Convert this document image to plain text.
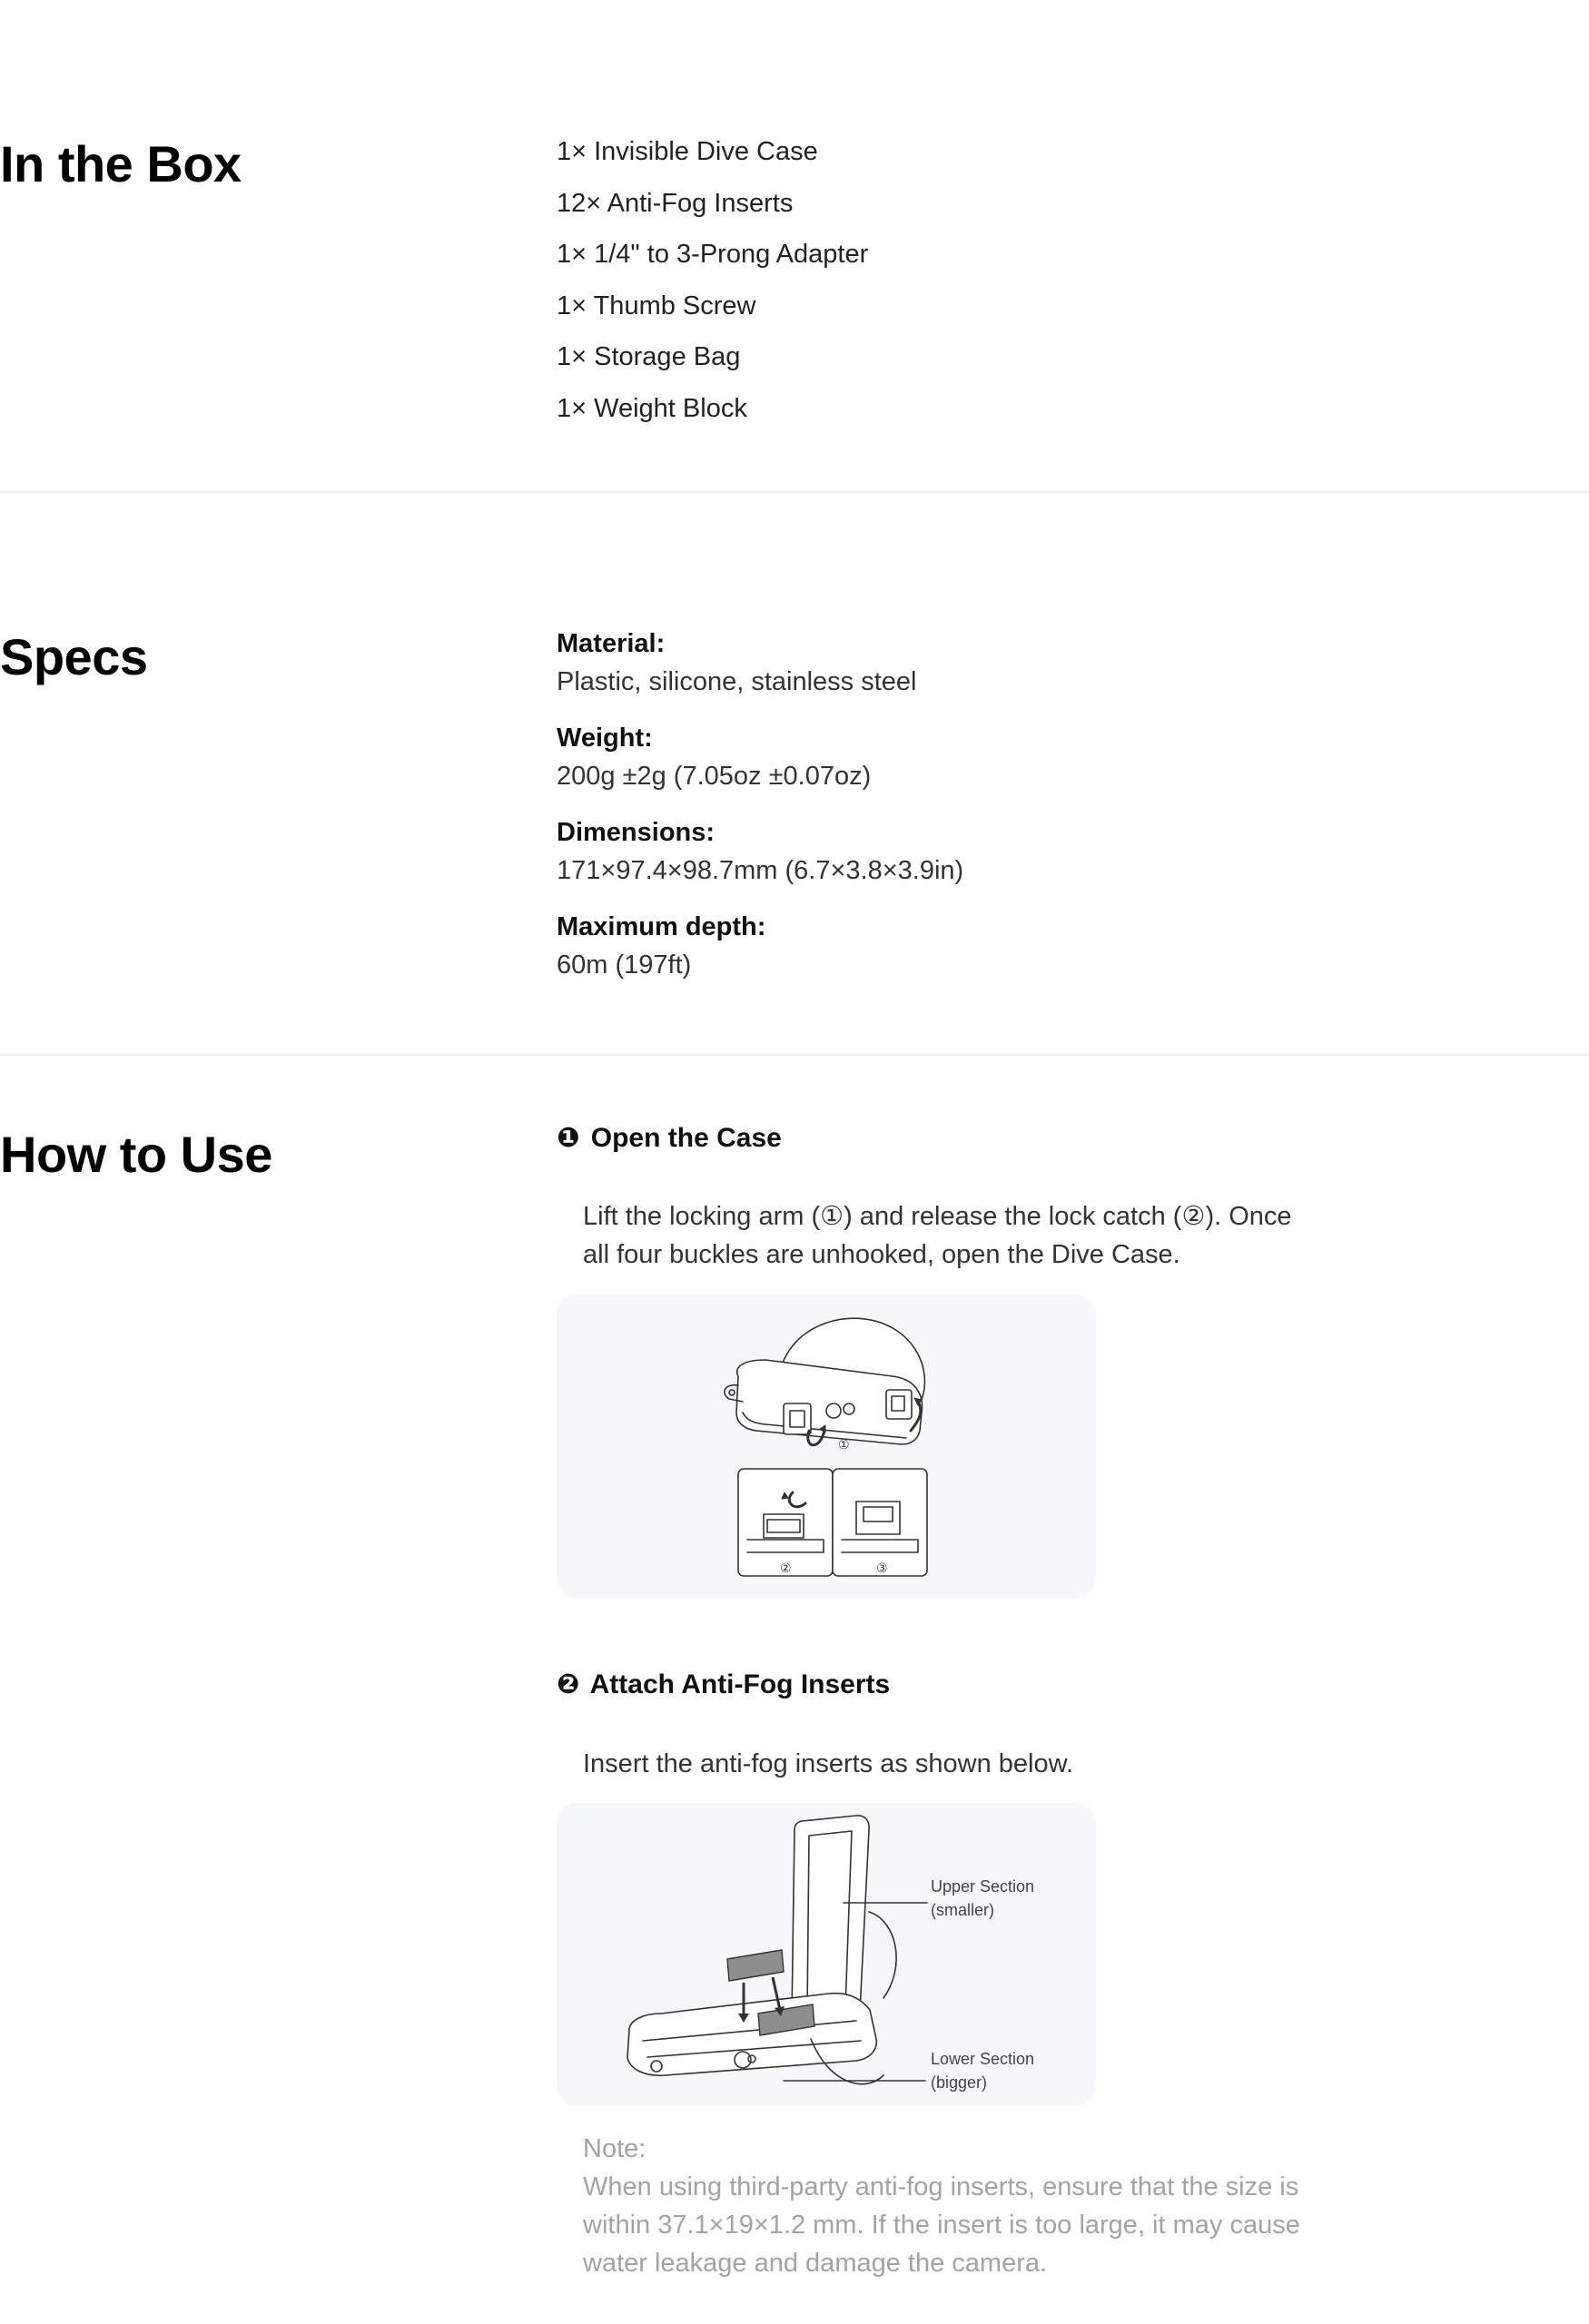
In the Box	1× Invisible Dive Case
12× Anti-Fog Inserts
1× 1/4" to 3-Prong Adapter
1× Thumb Screw
1× Storage Bag
1× Weight Block
Specs	Material:
Plastic, silicone, stainless steel
Weight:
200g ±2g (7.05oz ±0.07oz)
Dimensions:
171×97.4×98.7mm (6.7×3.8×3.9in)
Maximum depth:
60m (197ft)
How to Use	❶ Open the Case
Lift the locking arm (①) and release the lock catch (②). Once all four buckles are unhooked, open the Dive Case.
①
②	③
❷ Attach Anti-Fog Inserts
Insert the anti-fog inserts as shown below.
Upper Section
(smaller)
Lower Section
(bigger)
Note:
When using third-party anti-fog inserts, ensure that the size is within 37.1×19×1.2 mm. If the insert is too large, it may cause water leakage and damage the camera.
